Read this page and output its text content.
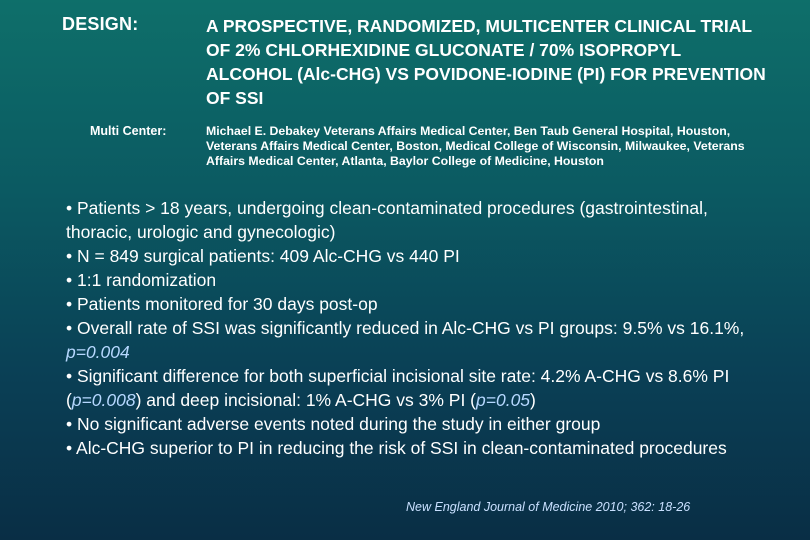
DESIGN:	A PROSPECTIVE, RANDOMIZED, MULTICENTER CLINICAL TRIAL OF 2% CHLORHEXIDINE GLUCONATE / 70% ISOPROPYL ALCOHOL (Alc-CHG) VS POVIDONE-IODINE (PI) FOR PREVENTION OF SSI
Multi Center:	Michael E. Debakey Veterans Affairs Medical Center, Ben Taub General Hospital, Houston, Veterans Affairs Medical Center, Boston, Medical College of Wisconsin, Milwaukee, Veterans Affairs Medical Center, Atlanta, Baylor College of Medicine, Houston
• Patients > 18 years, undergoing clean-contaminated procedures (gastrointestinal, thoracic, urologic and gynecologic)
• N = 849 surgical patients: 409 Alc-CHG vs 440 PI
• 1:1 randomization
• Patients monitored for 30 days post-op
• Overall rate of SSI was significantly reduced in Alc-CHG vs PI groups: 9.5% vs 16.1%, p=0.004
• Significant difference for both superficial incisional site rate: 4.2% A-CHG vs 8.6% PI (p=0.008) and deep incisional: 1% A-CHG vs 3% PI (p=0.05)
• No significant adverse events noted during the study in either group
• Alc-CHG superior to PI in reducing the risk of SSI in clean-contaminated procedures
New England Journal of Medicine 2010; 362: 18-26
